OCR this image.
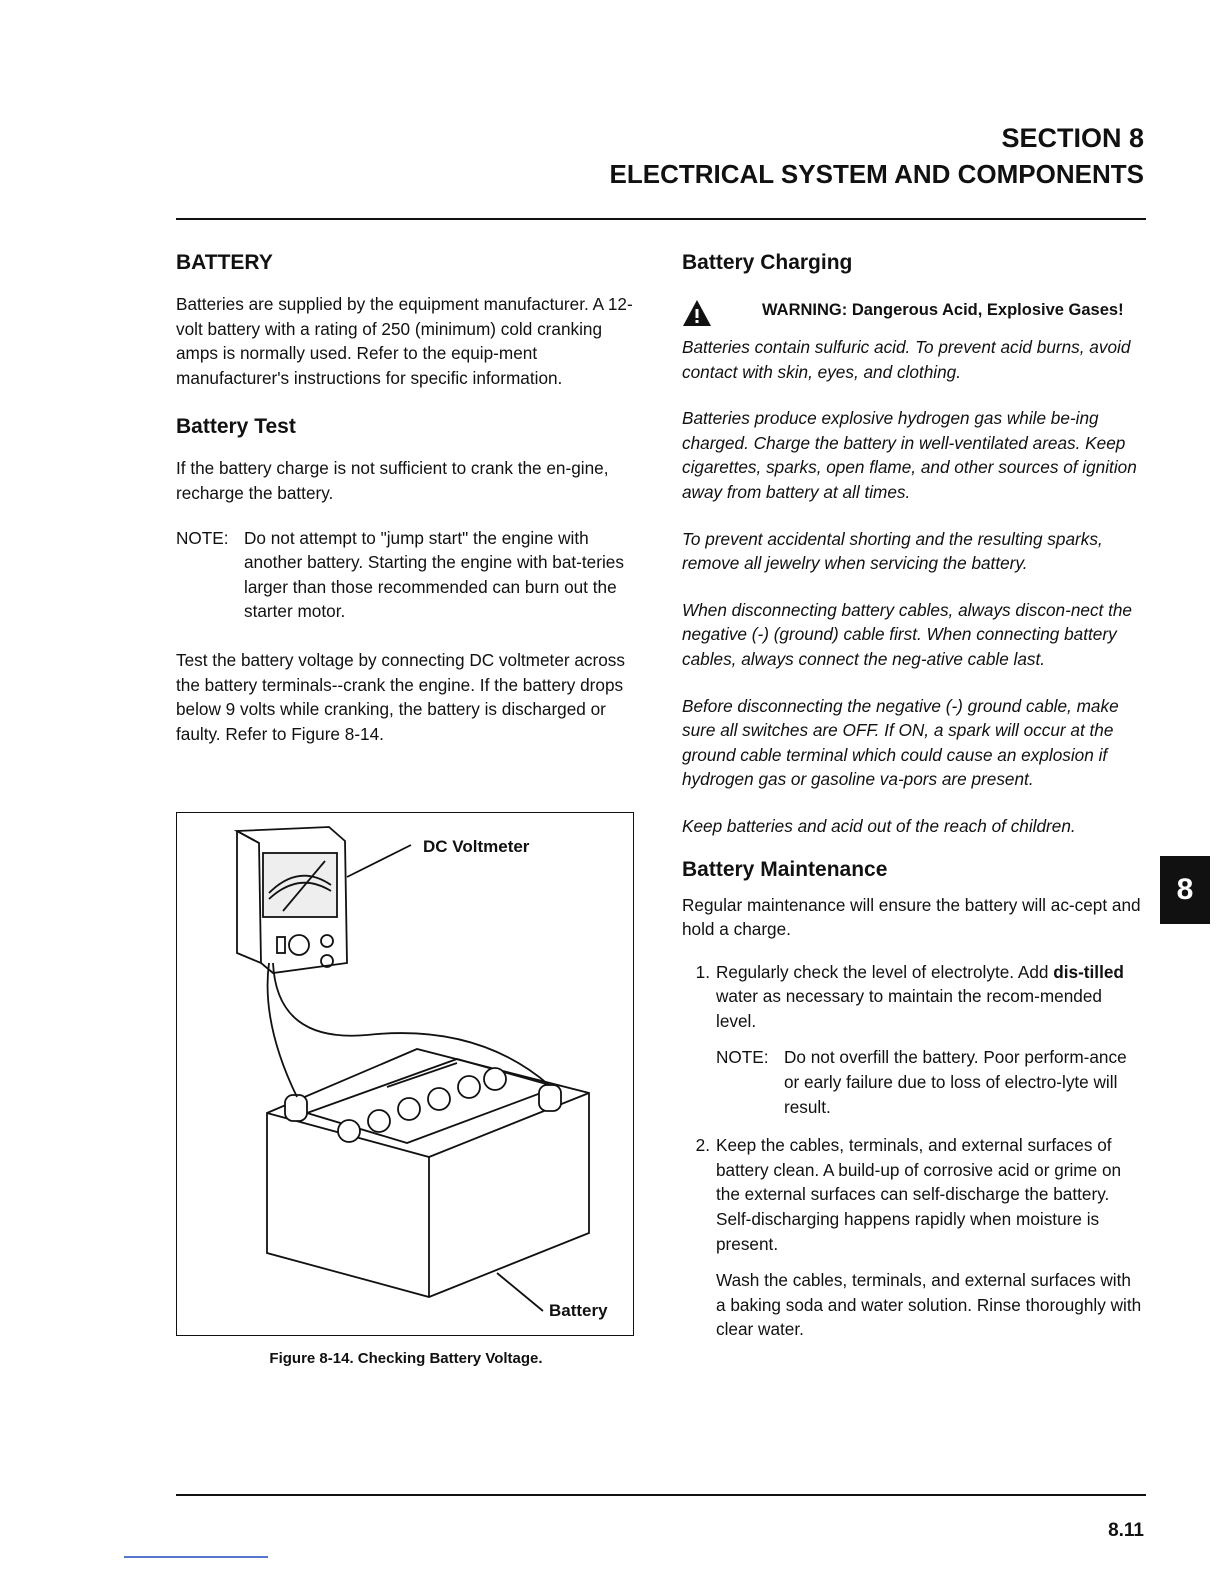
SECTION 8
ELECTRICAL SYSTEM AND COMPONENTS
BATTERY

Batteries are supplied by the equipment manufacturer. A 12-volt battery with a rating of 250 (minimum) cold cranking amps is normally used. Refer to the equip-ment manufacturer's instructions for specific information.

Battery Test

If the battery charge is not sufficient to crank the en-gine, recharge the battery.

NOTE: Do not attempt to "jump start" the engine with another battery. Starting the engine with bat-teries larger than those recommended can burn out the starter motor.

Test the battery voltage by connecting DC voltmeter across the battery terminals--crank the engine. If the battery drops below 9 volts while cranking, the battery is discharged or faulty. Refer to Figure 8-14.

DC Voltmeter
Battery
Figure 8-14. Checking Battery Voltage.
Battery Charging
WARNING: Dangerous Acid, Explosive Gases!

Batteries contain sulfuric acid. To prevent acid burns, avoid contact with skin, eyes, and clothing.

Batteries produce explosive hydrogen gas while be-ing charged. Charge the battery in well-ventilated areas. Keep cigarettes, sparks, open flame, and other sources of ignition away from battery at all times.

To prevent accidental shorting and the resulting sparks, remove all jewelry when servicing the battery.

When disconnecting battery cables, always discon-nect the negative (-) (ground) cable first. When connecting battery cables, always connect the neg-ative cable last.

Before disconnecting the negative (-) ground cable, make sure all switches are OFF. If ON, a spark will occur at the ground cable terminal which could cause an explosion if hydrogen gas or gasoline va-pors are present.

Keep batteries and acid out of the reach of children.

Battery Maintenance

Regular maintenance will ensure the battery will ac-cept and hold a charge.

1. Regularly check the level of electrolyte. Add dis-tilled water as necessary to maintain the recom-mended level.
NOTE: Do not overfill the battery. Poor perform-ance or early failure due to loss of electro-lyte will result.
2. Keep the cables, terminals, and external surfaces of battery clean. A build-up of corrosive acid or grime on the external surfaces can self-discharge the battery. Self-discharging happens rapidly when moisture is present.
Wash the cables, terminals, and external surfaces with a baking soda and water solution. Rinse thoroughly with clear water.
8
8.11
